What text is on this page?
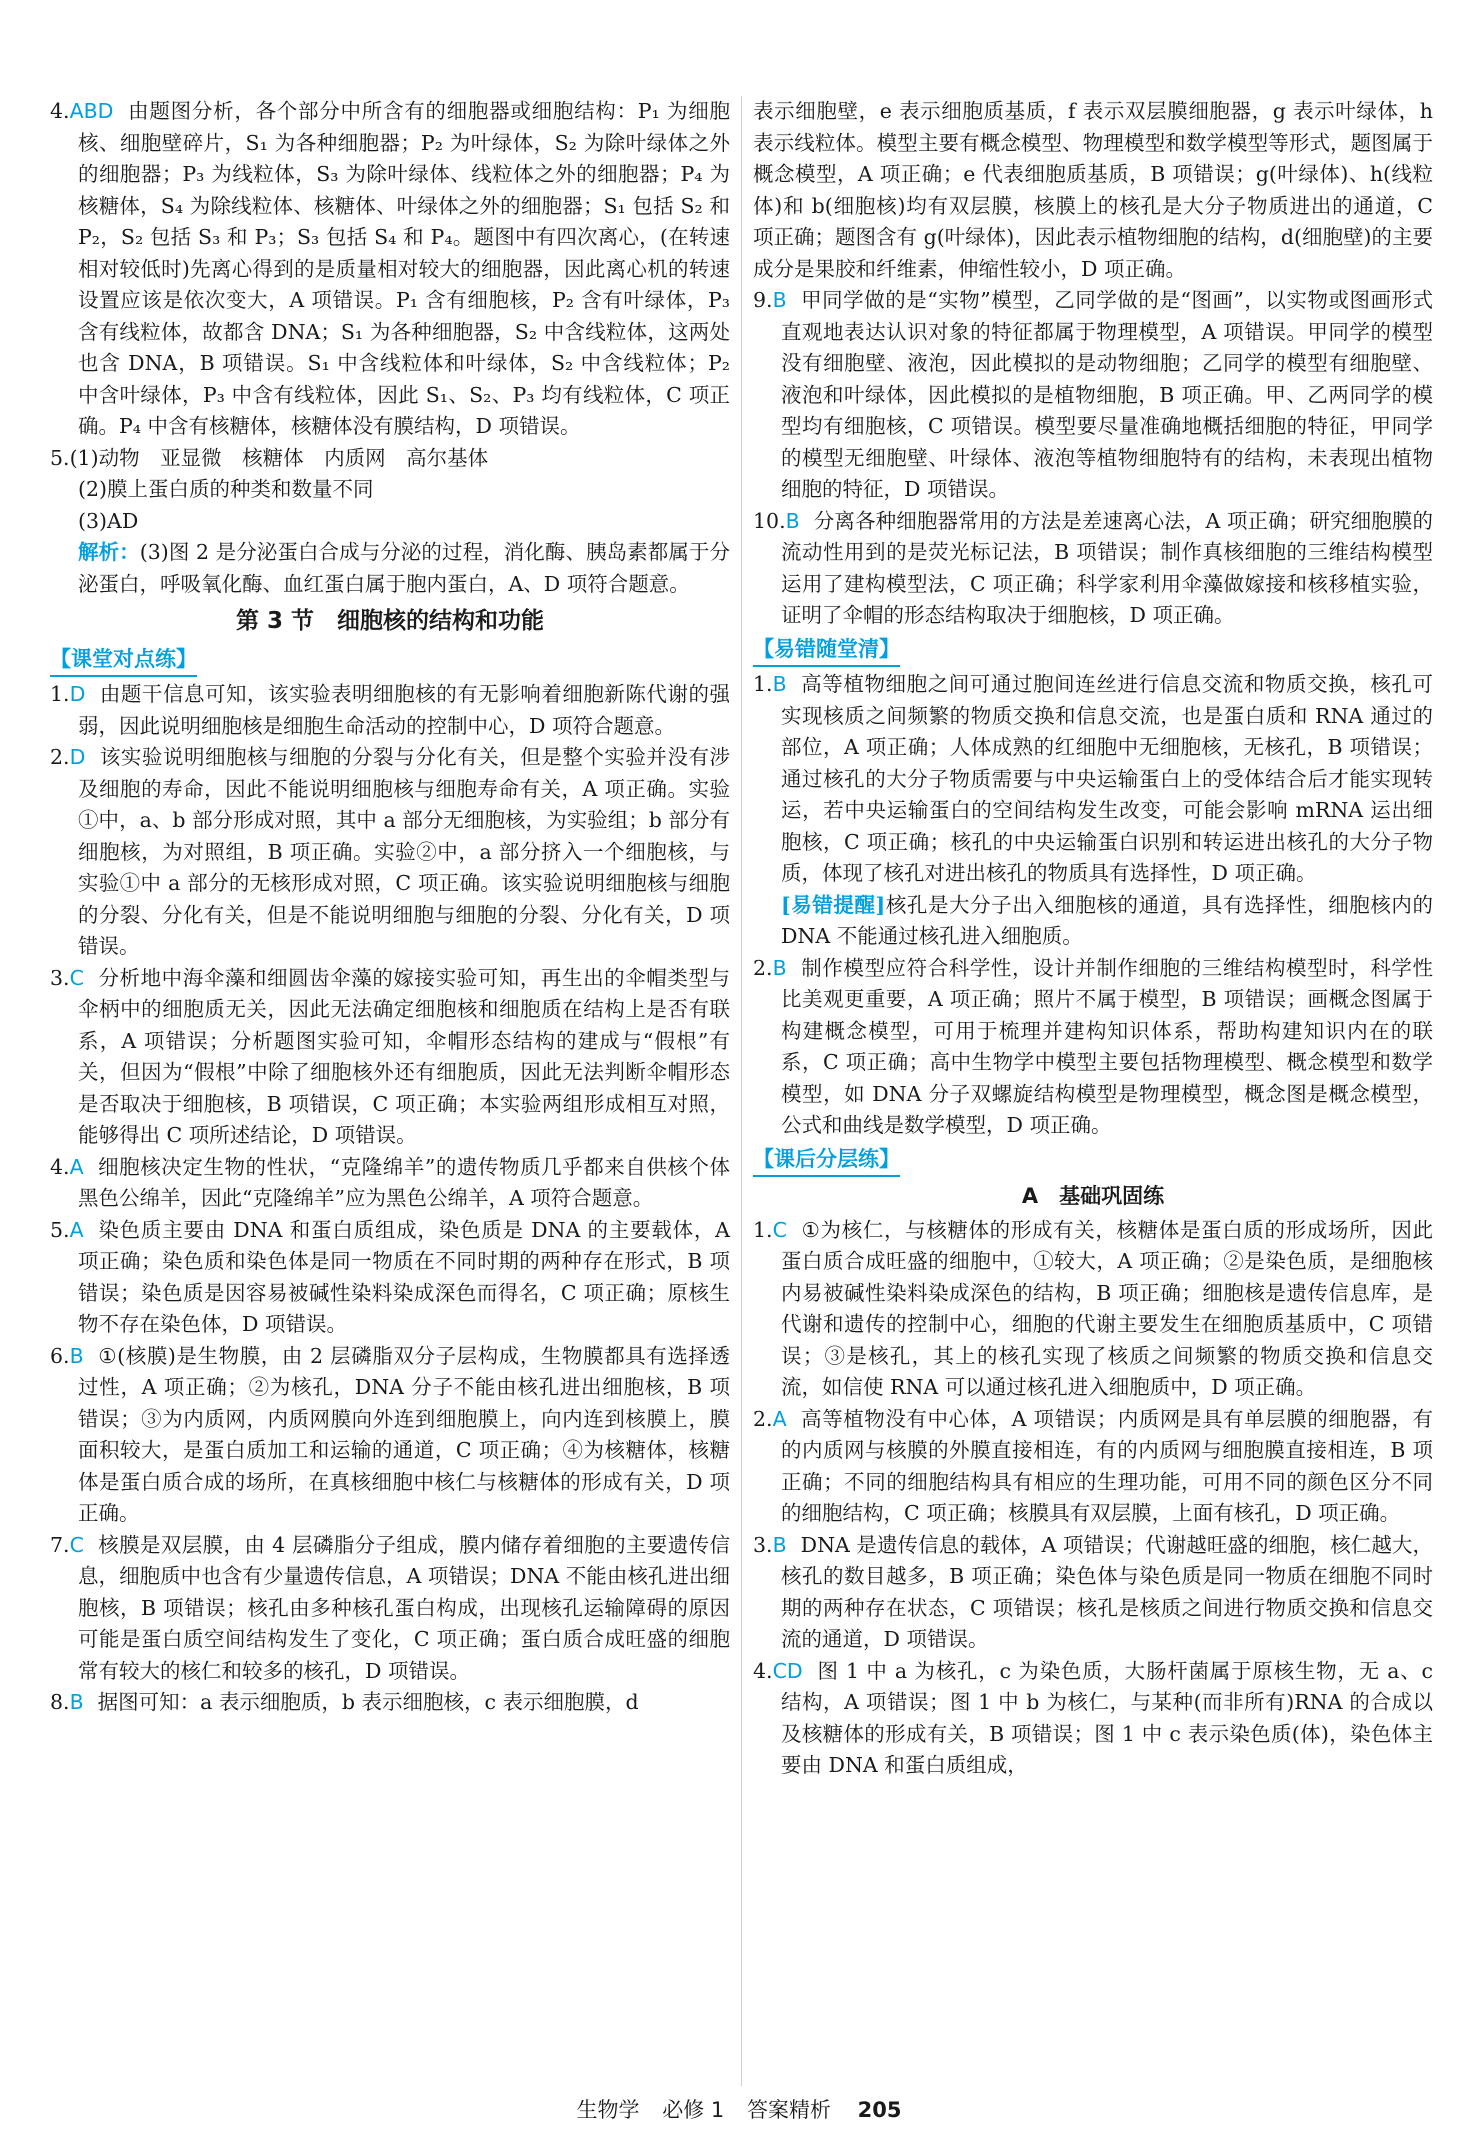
4.ABD 由题图分析，各个部分中所含有的细胞器或细胞结构：P₁ 为细胞核、细胞壁碎片，S₁ 为各种细胞器；P₂ 为叶绿体，S₂ 为除叶绿体之外的细胞器；P₃ 为线粒体，S₃ 为除叶绿体、线粒体之外的细胞器；P₄ 为核糖体，S₄ 为除线粒体、核糖体、叶绿体之外的细胞器；S₁ 包括 S₂ 和 P₂，S₂ 包括 S₃ 和 P₃；S₃ 包括 S₄ 和 P₄。题图中有四次离心，(在转速相对较低时)先离心得到的是质量相对较大的细胞器，因此离心机的转速设置应该是依次变大，A 项错误。P₁ 含有细胞核，P₂ 含有叶绿体，P₃ 含有线粒体，故都含 DNA；S₁ 为各种细胞器，S₂ 中含线粒体，这两处也含 DNA，B 项错误。S₁ 中含线粒体和叶绿体，S₂ 中含线粒体；P₂ 中含叶绿体，P₃ 中含有线粒体，因此 S₁、S₂、P₃ 均有线粒体，C 项正确。P₄ 中含有核糖体，核糖体没有膜结构，D 项错误。

5.(1)动物　亚显微　核糖体　内质网　高尔基体

(2)膜上蛋白质的种类和数量不同

(3)AD

解析：(3)图 2 是分泌蛋白合成与分泌的过程，消化酶、胰岛素都属于分泌蛋白，呼吸氧化酶、血红蛋白属于胞内蛋白，A、D 项符合题意。

第 3 节　细胞核的结构和功能
【课堂对点练】

1.D 由题干信息可知，该实验表明细胞核的有无影响着细胞新陈代谢的强弱，因此说明细胞核是细胞生命活动的控制中心，D 项符合题意。

2.D 该实验说明细胞核与细胞的分裂与分化有关，但是整个实验并没有涉及细胞的寿命，因此不能说明细胞核与细胞寿命有关，A 项正确。实验①中，a、b 部分形成对照，其中 a 部分无细胞核，为实验组；b 部分有细胞核，为对照组，B 项正确。实验②中，a 部分挤入一个细胞核，与实验①中 a 部分的无核形成对照，C 项正确。该实验说明细胞核与细胞的分裂、分化有关，但是不能说明细胞与细胞的分裂、分化有关，D 项错误。

3.C 分析地中海伞藻和细圆齿伞藻的嫁接实验可知，再生出的伞帽类型与伞柄中的细胞质无关，因此无法确定细胞核和细胞质在结构上是否有联系，A 项错误；分析题图实验可知，伞帽形态结构的建成与“假根”有关，但因为“假根”中除了细胞核外还有细胞质，因此无法判断伞帽形态是否取决于细胞核，B 项错误，C 项正确；本实验两组形成相互对照，能够得出 C 项所述结论，D 项错误。

4.A 细胞核决定生物的性状，“克隆绵羊”的遗传物质几乎都来自供核个体黑色公绵羊，因此“克隆绵羊”应为黑色公绵羊，A 项符合题意。

5.A 染色质主要由 DNA 和蛋白质组成，染色质是 DNA 的主要载体，A 项正确；染色质和染色体是同一物质在不同时期的两种存在形式，B 项错误；染色质是因容易被碱性染料染成深色而得名，C 项正确；原核生物不存在染色体，D 项错误。

6.B ①(核膜)是生物膜，由 2 层磷脂双分子层构成，生物膜都具有选择透过性，A 项正确；②为核孔，DNA 分子不能由核孔进出细胞核，B 项错误；③为内质网，内质网膜向外连到细胞膜上，向内连到核膜上，膜面积较大，是蛋白质加工和运输的通道，C 项正确；④为核糖体，核糖体是蛋白质合成的场所，在真核细胞中核仁与核糖体的形成有关，D 项正确。

7.C 核膜是双层膜，由 4 层磷脂分子组成，膜内储存着细胞的主要遗传信息，细胞质中也含有少量遗传信息，A 项错误；DNA 不能由核孔进出细胞核，B 项错误；核孔由多种核孔蛋白构成，出现核孔运输障碍的原因可能是蛋白质空间结构发生了变化，C 项正确；蛋白质合成旺盛的细胞常有较大的核仁和较多的核孔，D 项错误。

8.B 据图可知：a 表示细胞质，b 表示细胞核，c 表示细胞膜，d

表示细胞壁，e 表示细胞质基质，f 表示双层膜细胞器，g 表示叶绿体，h 表示线粒体。模型主要有概念模型、物理模型和数学模型等形式，题图属于概念模型，A 项正确；e 代表细胞质基质，B 项错误；g(叶绿体)、h(线粒体)和 b(细胞核)均有双层膜，核膜上的核孔是大分子物质进出的通道，C 项正确；题图含有 g(叶绿体)，因此表示植物细胞的结构，d(细胞壁)的主要成分是果胶和纤维素，伸缩性较小，D 项正确。

9.B 甲同学做的是“实物”模型，乙同学做的是“图画”，以实物或图画形式直观地表达认识对象的特征都属于物理模型，A 项错误。甲同学的模型没有细胞壁、液泡，因此模拟的是动物细胞；乙同学的模型有细胞壁、液泡和叶绿体，因此模拟的是植物细胞，B 项正确。甲、乙两同学的模型均有细胞核，C 项错误。模型要尽量准确地概括细胞的特征，甲同学的模型无细胞壁、叶绿体、液泡等植物细胞特有的结构，未表现出植物细胞的特征，D 项错误。

10.B 分离各种细胞器常用的方法是差速离心法，A 项正确；研究细胞膜的流动性用到的是荧光标记法，B 项错误；制作真核细胞的三维结构模型运用了建构模型法，C 项正确；科学家利用伞藻做嫁接和核移植实验，证明了伞帽的形态结构取决于细胞核，D 项正确。

【易错随堂清】

1.B 高等植物细胞之间可通过胞间连丝进行信息交流和物质交换，核孔可实现核质之间频繁的物质交换和信息交流，也是蛋白质和 RNA 通过的部位，A 项正确；人体成熟的红细胞中无细胞核，无核孔，B 项错误；通过核孔的大分子物质需要与中央运输蛋白上的受体结合后才能实现转运，若中央运输蛋白的空间结构发生改变，可能会影响 mRNA 运出细胞核，C 项正确；核孔的中央运输蛋白识别和转运进出核孔的大分子物质，体现了核孔对进出核孔的物质具有选择性，D 项正确。

[易错提醒]核孔是大分子出入细胞核的通道，具有选择性，细胞核内的 DNA 不能通过核孔进入细胞质。

2.B 制作模型应符合科学性，设计并制作细胞的三维结构模型时，科学性比美观更重要，A 项正确；照片不属于模型，B 项错误；画概念图属于构建概念模型，可用于梳理并建构知识体系，帮助构建知识内在的联系，C 项正确；高中生物学中模型主要包括物理模型、概念模型和数学模型，如 DNA 分子双螺旋结构模型是物理模型，概念图是概念模型，公式和曲线是数学模型，D 项正确。

【课后分层练】
A　基础巩固练

1.C ①为核仁，与核糖体的形成有关，核糖体是蛋白质的形成场所，因此蛋白质合成旺盛的细胞中，①较大，A 项正确；②是染色质，是细胞核内易被碱性染料染成深色的结构，B 项正确；细胞核是遗传信息库，是代谢和遗传的控制中心，细胞的代谢主要发生在细胞质基质中，C 项错误；③是核孔，其上的核孔实现了核质之间频繁的物质交换和信息交流，如信使 RNA 可以通过核孔进入细胞质中，D 项正确。

2.A 高等植物没有中心体，A 项错误；内质网是具有单层膜的细胞器，有的内质网与核膜的外膜直接相连，有的内质网与细胞膜直接相连，B 项正确；不同的细胞结构具有相应的生理功能，可用不同的颜色区分不同的细胞结构，C 项正确；核膜具有双层膜，上面有核孔，D 项正确。

3.B DNA 是遗传信息的载体，A 项错误；代谢越旺盛的细胞，核仁越大，核孔的数目越多，B 项正确；染色体与染色质是同一物质在细胞不同时期的两种存在状态，C 项错误；核孔是核质之间进行物质交换和信息交流的通道，D 项错误。

4.CD 图 1 中 a 为核孔，c 为染色质，大肠杆菌属于原核生物，无 a、c 结构，A 项错误；图 1 中 b 为核仁，与某种(而非所有)RNA 的合成以及核糖体的形成有关，B 项错误；图 1 中 c 表示染色质(体)，染色体主要由 DNA 和蛋白质组成，

生物学 必修 1 答案精析 205
